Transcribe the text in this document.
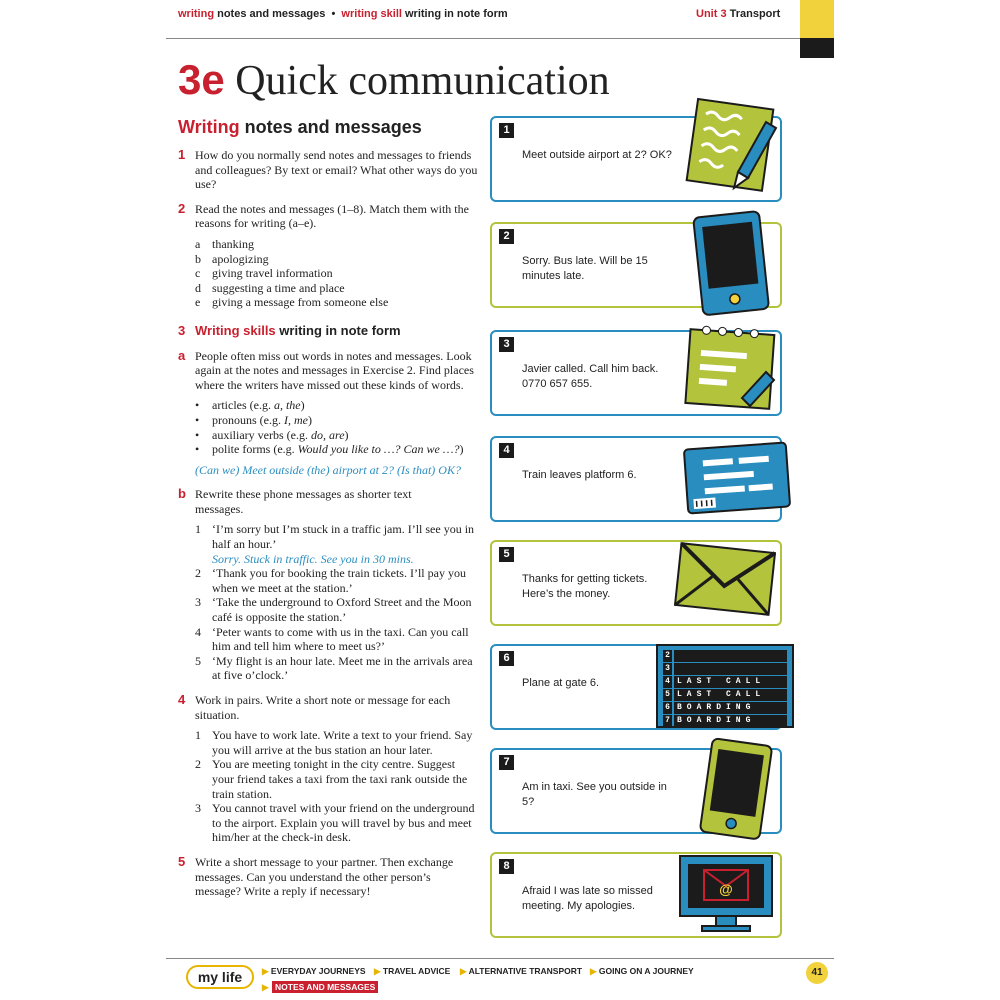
writing notes and messages  •  writing skill writing in note form	Unit 3 Transport
3e Quick communication
Writing notes and messages
1 How do you normally send notes and messages to friends and colleagues? By text or email? What other ways do you use?
2 Read the notes and messages (1–8). Match them with the reasons for writing (a–e).
a thanking
b apologizing
c giving travel information
d suggesting a time and place
e giving a message from someone else
3 Writing skills writing in note form
a People often miss out words in notes and messages. Look again at the notes and messages in Exercise 2. Find places where the writers have missed out these kinds of words.
•	articles (e.g. a, the)
•	pronouns (e.g. I, me)
•	auxiliary verbs (e.g. do, are)
•	polite forms (e.g. Would you like to …? Can we …?)
(Can we) Meet outside (the) airport at 2? (Is that) OK?
b Rewrite these phone messages as shorter text messages.
1 ‘I’m sorry but I’m stuck in a traffic jam. I’ll see you in half an hour.’
Sorry. Stuck in traffic. See you in 30 mins.
2 ‘Thank you for booking the train tickets. I’ll pay you when we meet at the station.’
3 ‘Take the underground to Oxford Street and the Moon café is opposite the station.’
4 ‘Peter wants to come with us in the taxi. Can you call him and tell him where to meet us?’
5 ‘My flight is an hour late. Meet me in the arrivals area at five o’clock.’
4 Work in pairs. Write a short note or message for each situation.
1 You have to work late. Write a text to your friend. Say you will arrive at the bus station an hour later.
2 You are meeting tonight in the city centre. Suggest your friend takes a taxi from the taxi rank outside the train station.
3 You cannot travel with your friend on the underground to the airport. Explain you will travel by bus and meet him/her at the check-in desk.
5 Write a short message to your partner. Then exchange messages. Can you understand the other person’s message? Write a reply if necessary!
1
Meet outside airport at 2? OK?
2
Sorry. Bus late. Will be 15 minutes late.
3
Javier called. Call him back. 0770 657 655.
4
Train leaves platform 6.
5
Thanks for getting tickets. Here’s the money.
6
Plane at gate 6.
2
3
4 LAST CALL
5 LAST CALL
6 BOARDING
7 BOARDING
7
Am in taxi. See you outside in 5?
8
Afraid I was late so missed meeting. My apologies.
@
my life	▶ EVERYDAY JOURNEYS ▶ TRAVEL ADVICE ▶ ALTERNATIVE TRANSPORT ▶ GOING ON A JOURNEY
▶ NOTES AND MESSAGES
41
